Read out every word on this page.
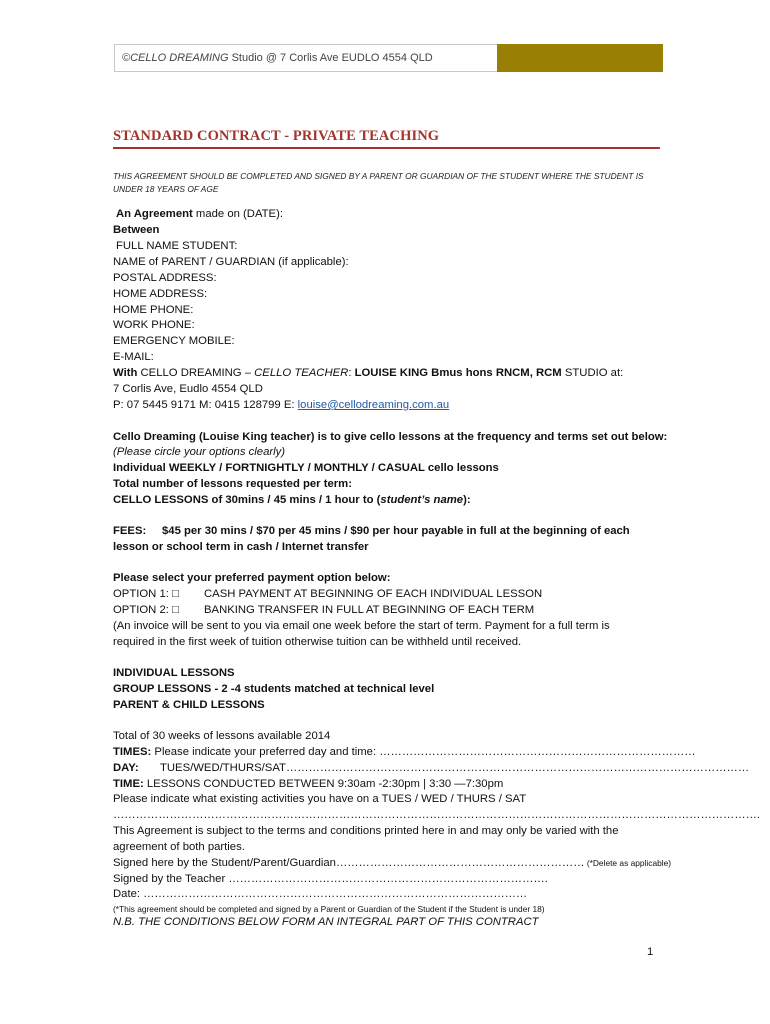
©CELLO DREAMING Studio @ 7 Corlis Ave EUDLO 4554 QLD
STANDARD CONTRACT - PRIVATE TEACHING
THIS AGREEMENT SHOULD BE COMPLETED AND SIGNED BY A PARENT OR GUARDIAN OF THE STUDENT WHERE THE STUDENT IS
UNDER 18 YEARS OF AGE
An Agreement made on (DATE):
Between
FULL NAME STUDENT:
NAME of PARENT / GUARDIAN (if applicable):
POSTAL ADDRESS:
HOME ADDRESS:
HOME PHONE:
WORK PHONE:
EMERGENCY MOBILE:
E-MAIL:
With CELLO DREAMING – CELLO TEACHER: LOUISE KING Bmus hons RNCM, RCM STUDIO at:
7 Corlis Ave, Eudlo 4554 QLD
P: 07 5445 9171 M: 0415 128799 E: louise@cellodreaming.com.au
Cello Dreaming (Louise King teacher) is to give cello lessons at the frequency and terms set out below:
(Please circle your options clearly)
Individual WEEKLY / FORTNIGHTLY / MONTHLY / CASUAL cello lessons
Total number of lessons requested per term:
CELLO LESSONS of 30mins / 45 mins / 1 hour to (student’s name):
FEES: $45 per 30 mins / $70 per 45 mins / $90 per hour payable in full at the beginning of each
lesson or school term in cash / Internet transfer
Please select your preferred payment option below:
OPTION 1: □ CASH PAYMENT AT BEGINNING OF EACH INDIVIDUAL LESSON
OPTION 2: □ BANKING TRANSFER IN FULL AT BEGINNING OF EACH TERM
(An invoice will be sent to you via email one week before the start of term. Payment for a full term is
required in the first week of tuition otherwise tuition can be withheld until received.
INDIVIDUAL LESSONS
GROUP LESSONS - 2 -4 students matched at technical level
PARENT & CHILD LESSONS
Total of 30 weeks of lessons available 2014
TIMES: Please indicate your preferred day and time: …………………………………………………………………………
DAY: TUES/WED/THURS/SAT……………………………………………………………………………………………………………
TIME: LESSONS CONDUCTED BETWEEN 9:30am -2:30pm | 3:30 —7:30pm
Please indicate what existing activities you have on a TUES / WED / THURS / SAT
……………………………………………………………………………………………………………………………………………………….
This Agreement is subject to the terms and conditions printed here in and may only be varied with the
agreement of both parties.
Signed here by the Student/Parent/Guardian………………………………………………………… (*Delete as applicable)
Signed by the Teacher ………………………………………………………………………….
Date: …………………………………………………………………………………………
(*This agreement should be completed and signed by a Parent or Guardian of the Student if the Student is under 18)
N.B. THE CONDITIONS BELOW FORM AN INTEGRAL PART OF THIS CONTRACT
1
